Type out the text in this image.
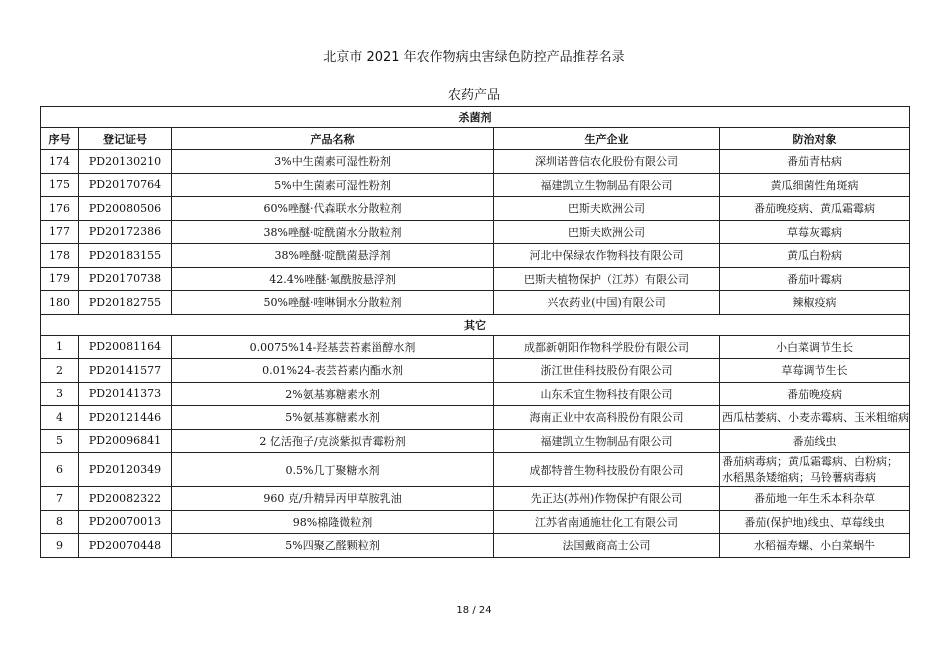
北京市 2021 年农作物病虫害绿色防控产品推荐名录
农药产品
杀菌剂				
序号	登记证号	产品名称	生产企业	防治对象
174	PD20130210	3%中生菌素可湿性粉剂	深圳诺普信农化股份有限公司	番茄青枯病
175	PD20170764	5%中生菌素可湿性粉剂	福建凯立生物制品有限公司	黄瓜细菌性角斑病
176	PD20080506	60%唑醚·代森联水分散粒剂	巴斯夫欧洲公司	番茄晚疫病、黄瓜霜霉病
177	PD20172386	38%唑醚·啶酰菌水分散粒剂	巴斯夫欧洲公司	草莓灰霉病
178	PD20183155	38%唑醚·啶酰菌悬浮剂	河北中保绿农作物科技有限公司	黄瓜白粉病
179	PD20170738	42.4%唑醚·氟酰胺悬浮剂	巴斯夫植物保护（江苏）有限公司	番茄叶霉病
180	PD20182755	50%唑醚·喹啉铜水分散粒剂	兴农药业(中国)有限公司	辣椒疫病
其它				
1	PD20081164	0.0075%14-羟基芸苔素甾醇水剂	成都新朝阳作物科学股份有限公司	小白菜调节生长
2	PD20141577	0.01%24-表芸苔素内酯水剂	浙江世佳科技股份有限公司	草莓调节生长
3	PD20141373	2%氨基寡糖素水剂	山东禾宜生物科技有限公司	番茄晚疫病
4	PD20121446	5%氨基寡糖素水剂	海南正业中农高科股份有限公司	西瓜枯萎病、小麦赤霉病、玉米粗缩病
5	PD20096841	2 亿活孢子/克淡紫拟青霉粉剂	福建凯立生物制品有限公司	番茄线虫
6	PD20120349	0.5%几丁聚糖水剂	成都特普生物科技股份有限公司	番茄病毒病；黄瓜霜霉病、白粉病；水稻黑条矮缩病；马铃薯病毒病
7	PD20082322	960 克/升精异丙甲草胺乳油	先正达(苏州)作物保护有限公司	番茄地一年生禾本科杂草
8	PD20070013	98%棉隆微粒剂	江苏省南通施壮化工有限公司	番茄(保护地)线虫、草莓线虫
9	PD20070448	5%四聚乙醛颗粒剂	法国戴商高士公司	水稻福寿螺、小白菜蜗牛
18 / 24
